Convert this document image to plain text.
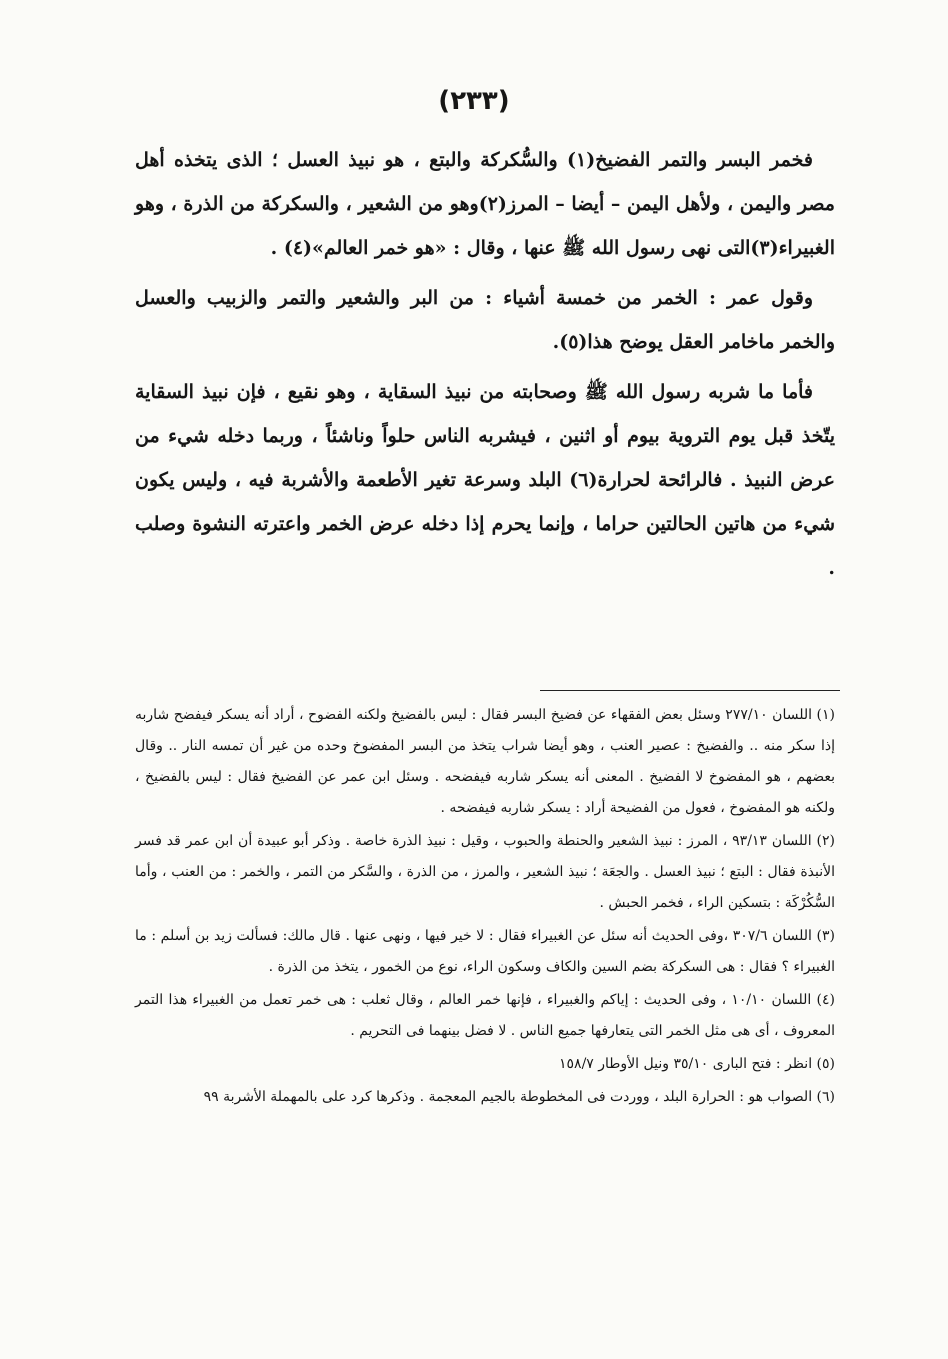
(٢٣٣)

فخمر البسر والتمر الفضيخ(١) والسُّكركة والبتع ، هو نبيذ العسل ؛ الذى يتخذه أهل مصر واليمن ، ولأهل اليمن – أيضا – المرز(٢)وهو من الشعير ، والسكركة من الذرة ، وهو الغبيراء(٣)التى نهى رسول الله ﷺ عنها ، وقال : «هو خمر العالم»(٤) .

وقول عمر : الخمر من خمسة أشياء : من البر والشعير والتمر والزبيب والعسل والخمر ماخامر العقل يوضح هذا(٥).

فأما ما شربه رسول الله ﷺ وصحابته من نبيذ السقاية ، وهو نقيع ، فإن نبيذ السقاية يتّخذ قبل يوم التروية بيوم أو اثنين ، فيشربه الناس حلواً وناشئاً ، وربما دخله شيء من عرض النبيذ . فالرائحة لحرارة(٦) البلد وسرعة تغير الأطعمة والأشربة فيه ، وليس يكون شيء من هاتين الحالتين حراما ، وإنما يحرم إذا دخله عرض الخمر واعترته النشوة وصلب .

(١) اللسان ٢٧٧/١٠ وسئل بعض الفقهاء عن فضيخ البسر فقال : ليس بالفضيخ ولكنه الفضوح ، أراد أنه يسكر فيفضح شاربه إذا سكر منه .. والفضيخ : عصير العنب ، وهو أيضا شراب يتخذ من البسر المفضوخ وحده من غير أن تمسه النار .. وقال بعضهم ، هو المفضوخ لا الفضيخ . المعنى أنه يسكر شاربه فيفضحه . وسئل ابن عمر عن الفضيخ فقال : ليس بالفضيخ ، ولكنه هو المفضوخ ، فعول من الفضيحة أراد : يسكر شاربه فيفضحه .

(٢) اللسان ٩٣/١٣ ، المرز : نبيذ الشعير والحنطة والحبوب ، وقيل : نبيذ الذرة خاصة . وذكر أبو عبيدة أن ابن عمر قد فسر الأنبذة فقال : البتع ؛ نبيذ العسل . والجعَة ؛ نبيذ الشعير ، والمرز ، من الذرة ، والسَّكر من التمر ، والخمر : من العنب ، وأما السُّكُرْكَة : بتسكين الراء ، فخمر الحبش .

(٣) اللسان ٣٠٧/٦ ،وفى الحديث أنه سئل عن الغبيراء فقال : لا خير فيها ، ونهى عنها . قال مالك: فسألت زيد بن أسلم : ما الغبيراء ؟ فقال : هى السكركة بضم السين والكاف وسكون الراء، نوع من الخمور ، يتخذ من الذرة .

(٤) اللسان ١٠/١٠ ، وفى الحديث : إياكم والغبيراء ، فإنها خمر العالم ، وقال ثعلب : هى خمر تعمل من الغبيراء هذا التمر المعروف ، أى هى مثل الخمر التى يتعارفها جميع الناس . لا فضل بينهما فى التحريم .

(٥) انظر : فتح البارى ٣٥/١٠ ونيل الأوطار ١٥٨/٧

(٦) الصواب هو : الحرارة البلد ، ووردت فى المخطوطة بالجيم المعجمة . وذكرها كرد على بالمهملة الأشربة ٩٩
